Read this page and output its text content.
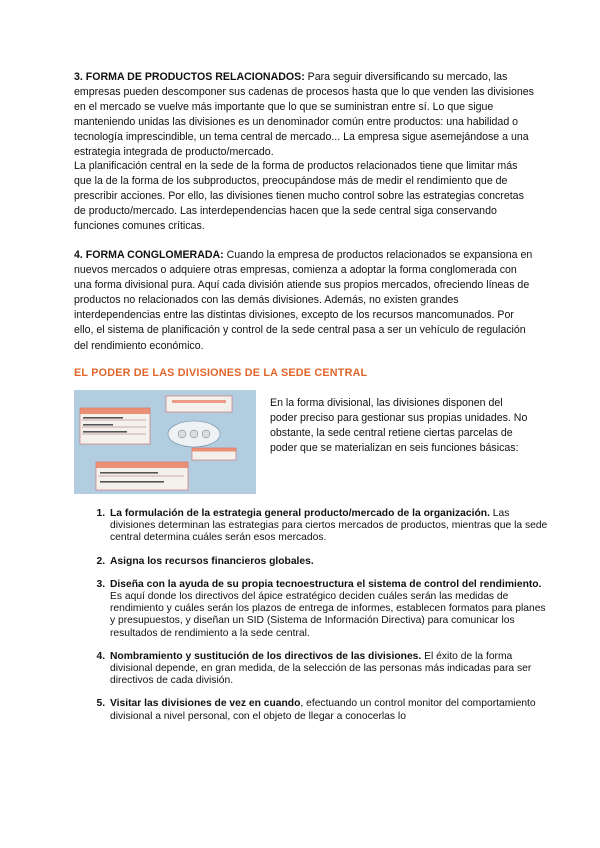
3. FORMA DE PRODUCTOS RELACIONADOS: Para seguir diversificando su mercado, las empresas pueden descomponer sus cadenas de procesos hasta que lo que venden las divisiones en el mercado se vuelve más importante que lo que se suministran entre sí. Lo que sigue manteniendo unidas las divisiones es un denominador común entre productos: una habilidad o tecnología imprescindible, un tema central de mercado... La empresa sigue asemejándose a una estrategia integrada de producto/mercado.

La planificación central en la sede de la forma de productos relacionados tiene que limitar más que la de la forma de los subproductos, preocupándose más de medir el rendimiento que de prescribir acciones. Por ello, las divisiones tienen mucho control sobre las estrategias concretas de producto/mercado. Las interdependencias hacen que la sede central siga conservando funciones comunes críticas.

4. FORMA CONGLOMERADA: Cuando la empresa de productos relacionados se expansiona en nuevos mercados o adquiere otras empresas, comienza a adoptar la forma conglomerada con una forma divisional pura. Aquí cada división atiende sus propios mercados, ofreciendo líneas de productos no relacionados con las demás divisiones. Además, no existen grandes interdependencias entre las distintas divisiones, excepto de los recursos mancomunados. Por ello, el sistema de planificación y control de la sede central pasa a ser un vehículo de regulación del rendimiento económico.

EL PODER DE LAS DIVISIONES DE LA SEDE CENTRAL

En la forma divisional, las divisiones disponen del poder preciso para gestionar sus propias unidades. No obstante, la sede central retiene ciertas parcelas de poder que se materializan en seis funciones básicas:

1. La formulación de la estrategia general producto/mercado de la organización. Las divisiones determinan las estrategias para ciertos mercados de productos, mientras que la sede central determina cuáles serán esos mercados.
2. Asigna los recursos financieros globales.
3. Diseña con la ayuda de su propia tecnoestructura el sistema de control del rendimiento. Es aquí donde los directivos del ápice estratégico deciden cuáles serán las medidas de rendimiento y cuáles serán los plazos de entrega de informes, establecen formatos para planes y presupuestos, y diseñan un SID (Sistema de Información Directiva) para comunicar los resultados de rendimiento a la sede central.
4. Nombramiento y sustitución de los directivos de las divisiones. El éxito de la forma divisional depende, en gran medida, de la selección de las personas más indicadas para ser directivos de cada división.
5. Visitar las divisiones de vez en cuando, efectuando un control monitor del comportamiento divisional a nivel personal, con el objeto de llegar a conocerlas lo
